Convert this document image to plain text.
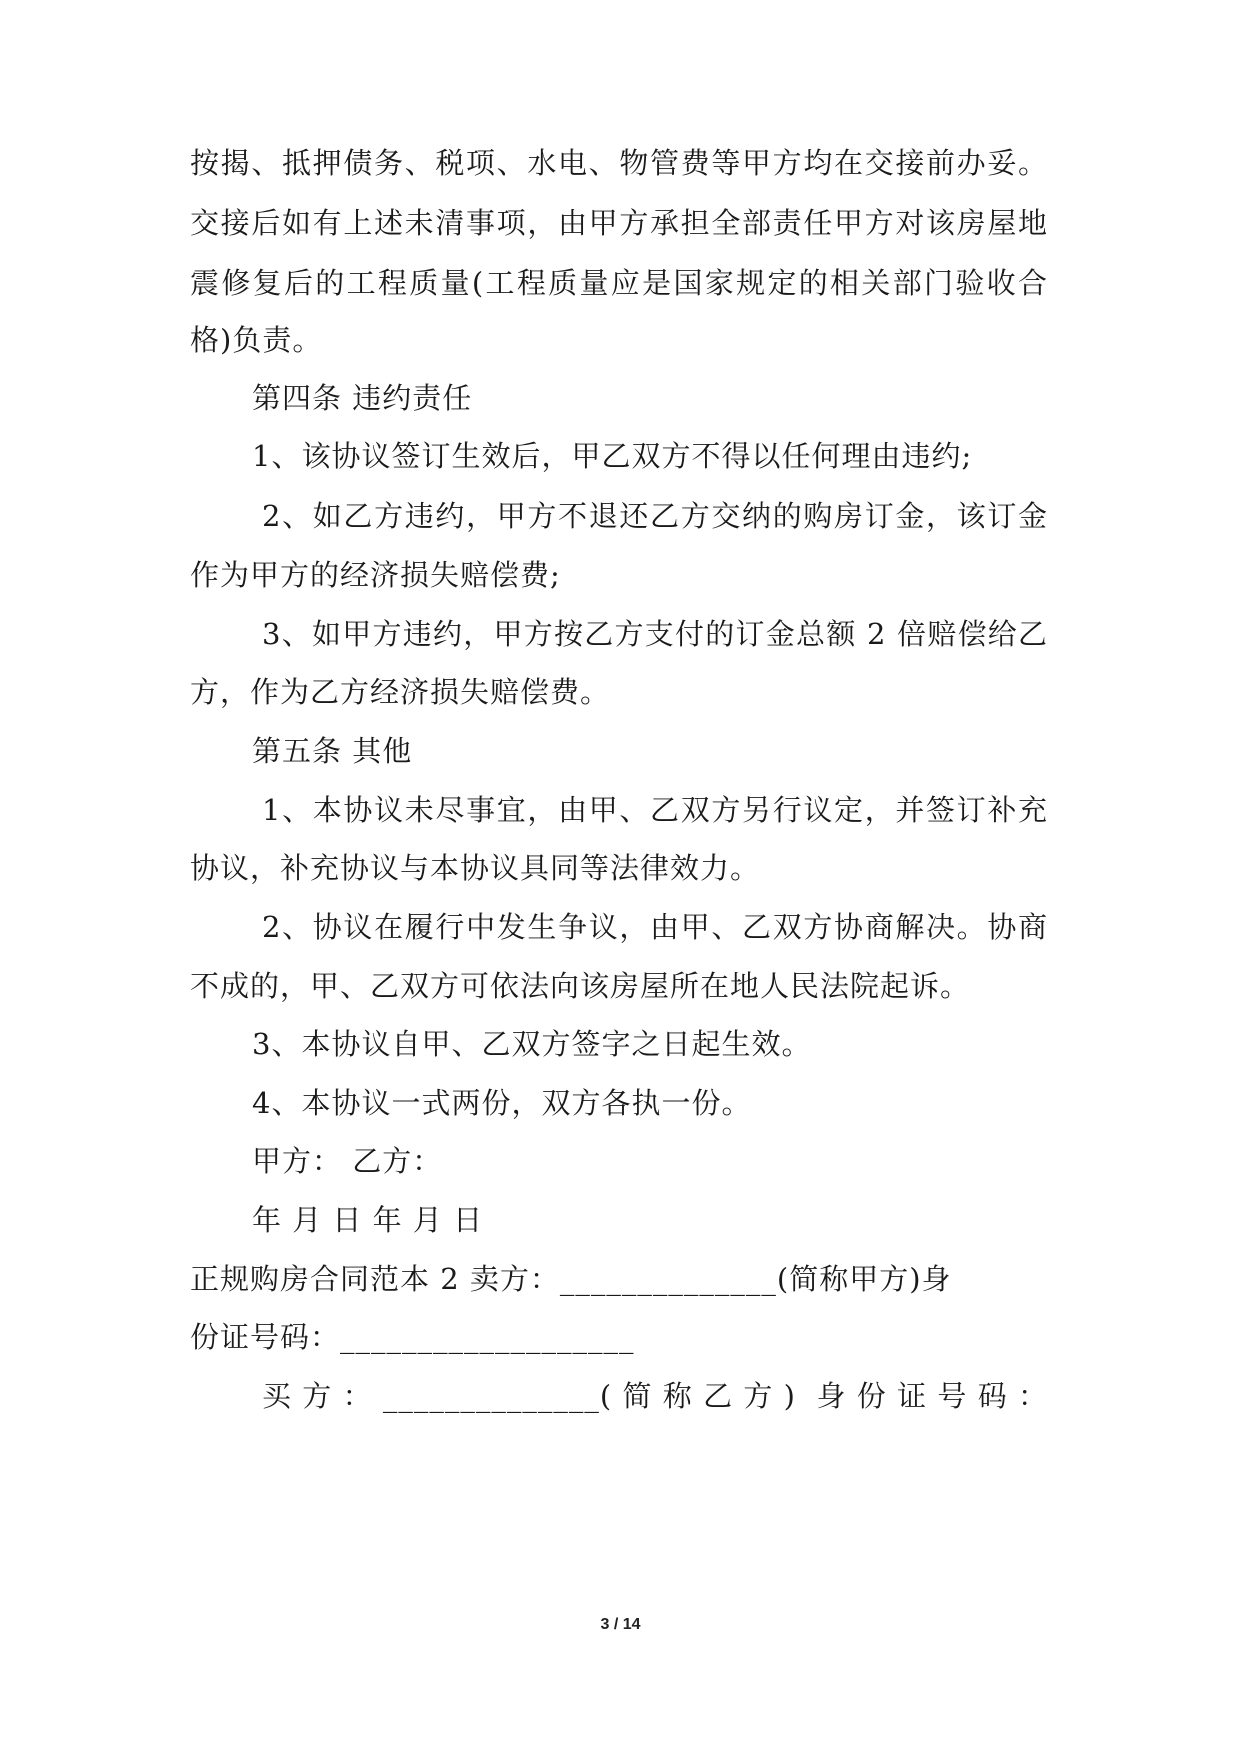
按揭、抵押债务、税项、水电、物管费等甲方均在交接前办妥。
交接后如有上述未清事项，由甲方承担全部责任甲方对该房屋地
震修复后的工程质量(工程质量应是国家规定的相关部门验收合
格)负责。
第四条 违约责任
1、该协议签订生效后，甲乙双方不得以任何理由违约;
2、如乙方违约，甲方不退还乙方交纳的购房订金，该订金
作为甲方的经济损失赔偿费;
3、如甲方违约，甲方按乙方支付的订金总额 2 倍赔偿给乙
方，作为乙方经济损失赔偿费。
第五条 其他
1、本协议未尽事宜，由甲、乙双方另行议定，并签订补充
协议，补充协议与本协议具同等法律效力。
2、协议在履行中发生争议，由甲、乙双方协商解决。协商
不成的，甲、乙双方可依法向该房屋所在地人民法院起诉。
3、本协议自甲、乙双方签字之日起生效。
4、本协议一式两份，双方各执一份。
甲方： 乙方：
年 月 日 年 月 日
正规购房合同范本 2 卖方：______________(简称甲方)身
份证号码：___________________
买方：______________(简称乙方) 身份证号码：
3 / 14
